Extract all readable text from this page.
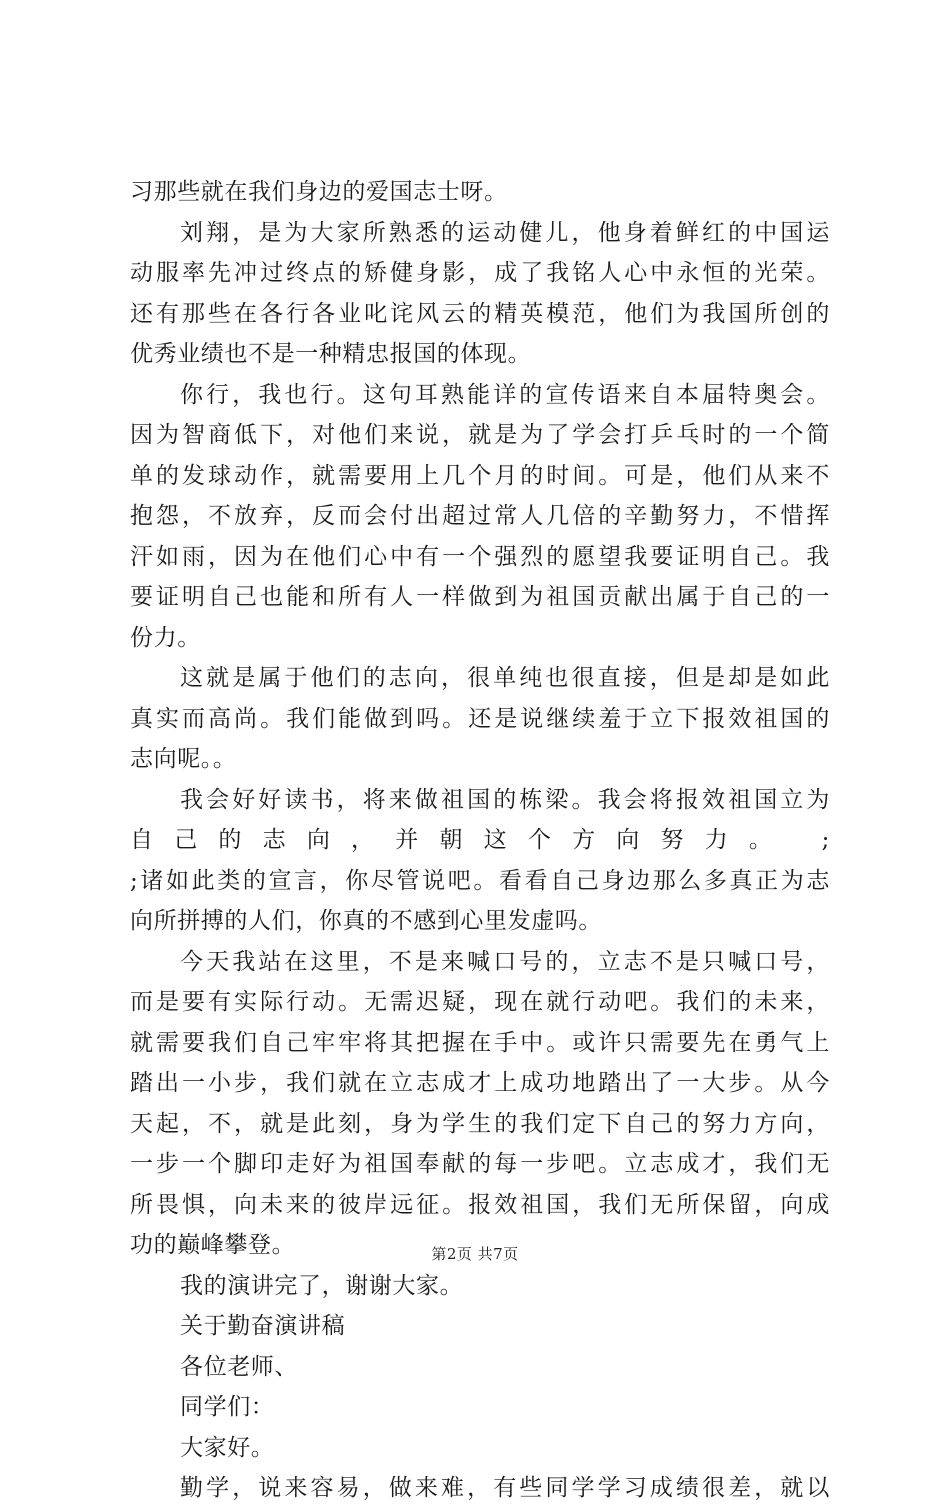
习那些就在我们身边的爱国志士呀。
刘翔，是为大家所熟悉的运动健儿，他身着鲜红的中国运
动服率先冲过终点的矫健身影，成了我铭人心中永恒的光荣。
还有那些在各行各业叱诧风云的精英模范，他们为我国所创的
优秀业绩也不是一种精忠报国的体现。
你行，我也行。这句耳熟能详的宣传语来自本届特奥会。
因为智商低下，对他们来说，就是为了学会打乒乓时的一个简
单的发球动作，就需要用上几个月的时间。可是，他们从来不
抱怨，不放弃，反而会付出超过常人几倍的辛勤努力，不惜挥
汗如雨，因为在他们心中有一个强烈的愿望我要证明自己。我
要证明自己也能和所有人一样做到为祖国贡献出属于自己的一
份力。
这就是属于他们的志向，很单纯也很直接，但是却是如此
真实而高尚。我们能做到吗。还是说继续羞于立下报效祖国的
志向呢。。
我会好好读书，将来做祖国的栋梁。我会将报效祖国立为
自己的志向，并朝这个方向努力。 ;
;诸如此类的宣言，你尽管说吧。看看自己身边那么多真正为志
向所拼搏的人们，你真的不感到心里发虚吗。
今天我站在这里，不是来喊口号的，立志不是只喊口号，
而是要有实际行动。无需迟疑，现在就行动吧。我们的未来，
就需要我们自己牢牢将其把握在手中。或许只需要先在勇气上
踏出一小步，我们就在立志成才上成功地踏出了一大步。从今
天起，不，就是此刻，身为学生的我们定下自己的努力方向，
一步一个脚印走好为祖国奉献的每一步吧。立志成才，我们无
所畏惧，向未来的彼岸远征。报效祖国，我们无所保留，向成
功的巅峰攀登。
我的演讲完了，谢谢大家。
关于勤奋演讲稿
各位老师、
同学们：
大家好。
勤学，说来容易，做来难，有些同学学习成绩很差，就以
第2页 共7页
